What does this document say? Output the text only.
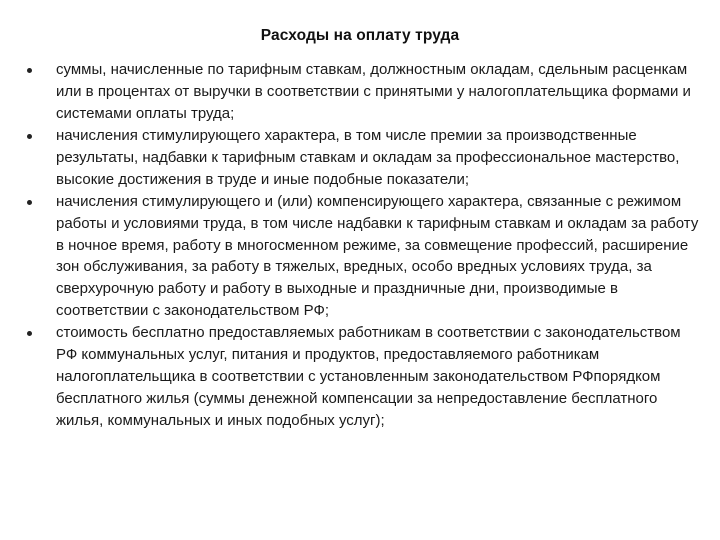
Расходы на оплату труда
суммы, начисленные по тарифным ставкам, должностным окладам, сдельным расценкам или в процентах от выручки в соответствии с принятыми у налогоплательщика формами и системами оплаты труда;
начисления стимулирующего характера, в том числе премии за производственные результаты, надбавки к тарифным ставкам и окладам за профессиональное мастерство, высокие достижения в труде и иные подобные показатели;
начисления стимулирующего и (или) компенсирующего характера, связанные с режимом работы и условиями труда, в том числе надбавки к тарифным ставкам и окладам за работу в ночное время, работу в многосменном режиме, за совмещение профессий, расширение зон обслуживания, за работу в тяжелых, вредных, особо вредных условиях труда, за сверхурочную работу и работу в выходные и праздничные дни, производимые в соответствии с законодательством РФ;
стоимость бесплатно предоставляемых работникам в соответствии с законодательством РФ коммунальных услуг, питания и продуктов, предоставляемого работникам налогоплательщика в соответствии с установленным законодательством РФпорядком бесплатного жилья (суммы денежной компенсации за непредоставление бесплатного жилья, коммунальных и иных подобных услуг);
